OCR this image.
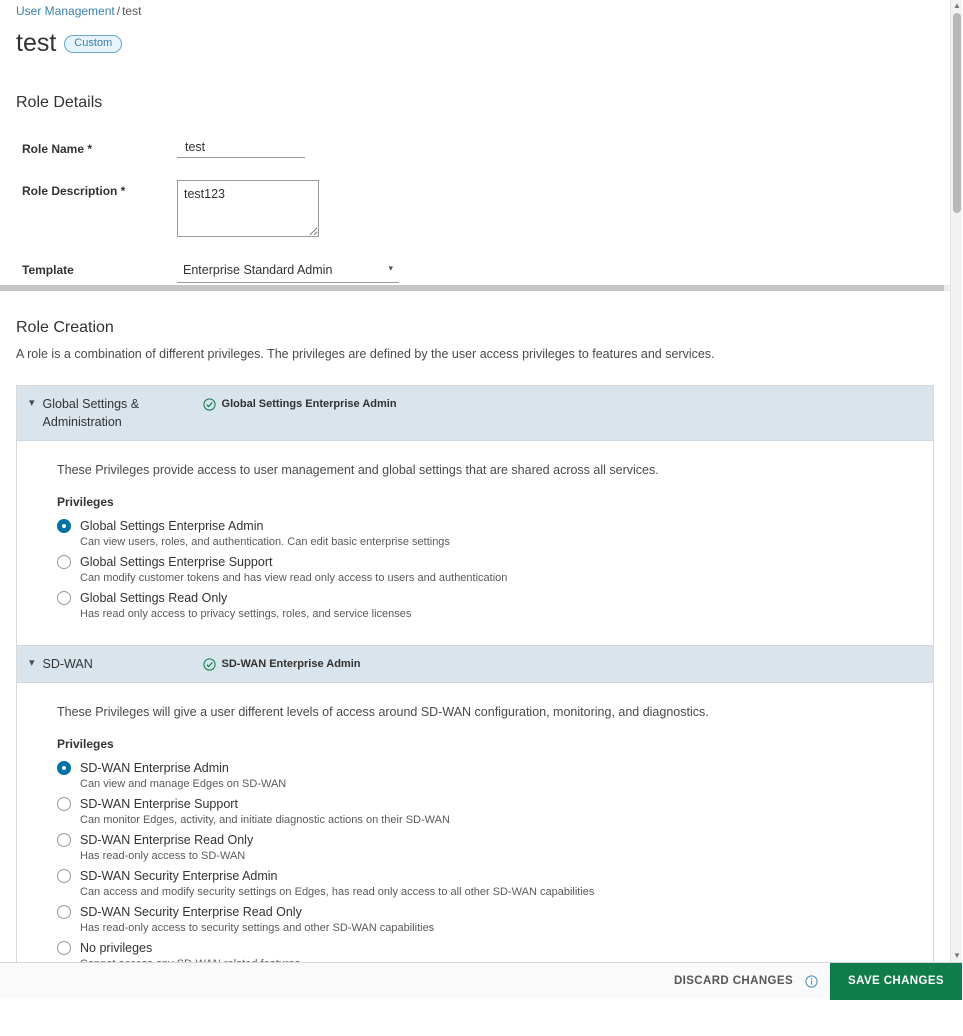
User Management / test
test	Custom
Role Details
Role Name *
test
Role Description *
test123
Template	Enterprise Standard Admin	▾
Role Creation
A role is a combination of different privileges. The privileges are defined by the user access privileges to features and services.
▾ Global Settings & Administration
Global Settings Enterprise Admin
These Privileges provide access to user management and global settings that are shared across all services.
Privileges
Global Settings Enterprise Admin
Can view users, roles, and authentication. Can edit basic enterprise settings
Global Settings Enterprise Support
Can modify customer tokens and has view read only access to users and authentication
Global Settings Read Only
Has read only access to privacy settings, roles, and service licenses
▾ SD-WAN	SD-WAN Enterprise Admin
These Privileges will give a user different levels of access around SD-WAN configuration, monitoring, and diagnostics.
Privileges
SD-WAN Enterprise Admin
Can view and manage Edges on SD-WAN
SD-WAN Enterprise Support
Can monitor Edges, activity, and initiate diagnostic actions on their SD-WAN
SD-WAN Enterprise Read Only
Has read-only access to SD-WAN
SD-WAN Security Enterprise Admin
Can access and modify security settings on Edges, has read only access to all other SD-WAN capabilities
SD-WAN Security Enterprise Read Only
Has read-only access to security settings and other SD-WAN capabilities
No privileges
▲
▼
DISCARD CHANGES	SAVE CHANGES
